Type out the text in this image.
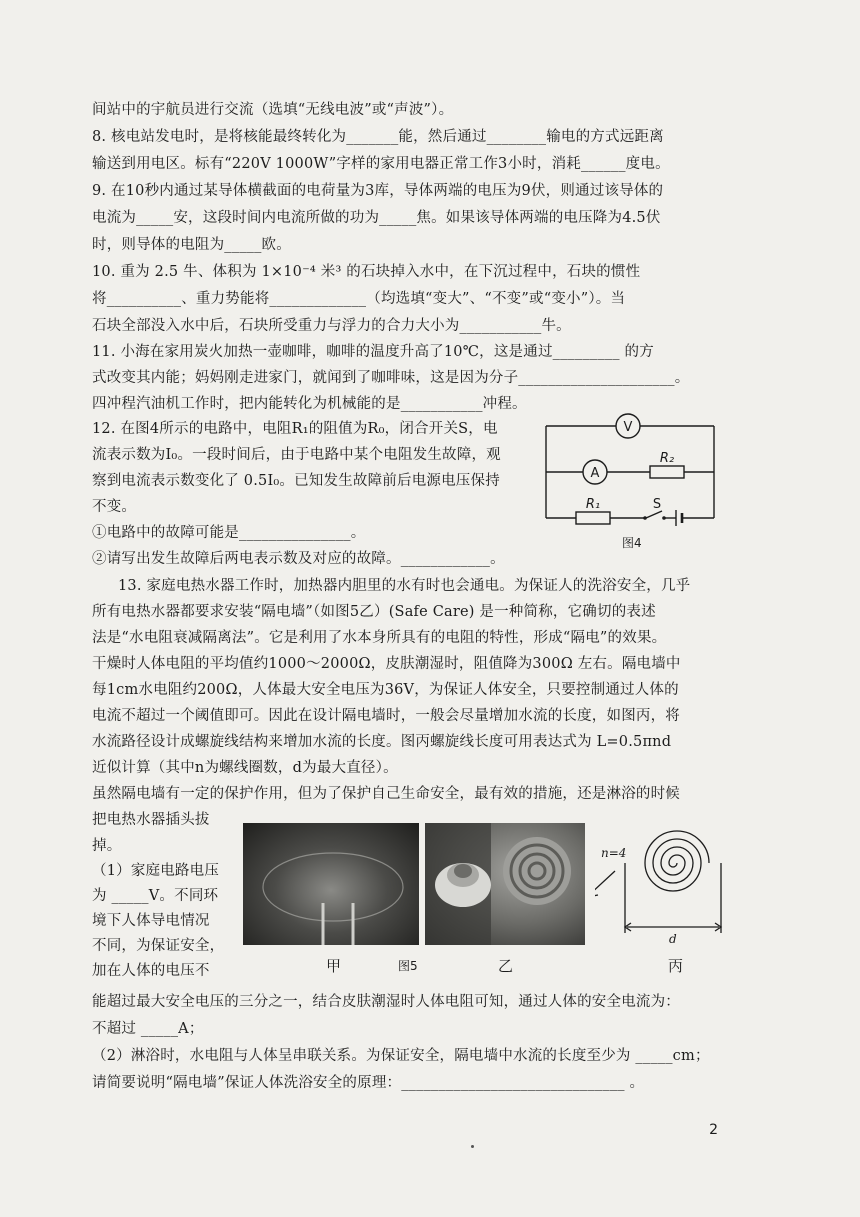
间站中的宇航员进行交流（选填“无线电波”或“声波”）。
8. 核电站发电时，是将核能最终转化为_______能，然后通过________输电的方式远距离
输送到用电区。标有“220V 1000W”字样的家用电器正常工作3小时，消耗______度电。
9. 在10秒内通过某导体横截面的电荷量为3库，导体两端的电压为9伏，则通过该导体的
电流为_____安，这段时间内电流所做的功为_____焦。如果该导体两端的电压降为4.5伏
时，则导体的电阻为_____欧。
10. 重为 2.5 牛、体积为 1×10⁻⁴ 米³ 的石块掉入水中，在下沉过程中，石块的惯性
将__________、重力势能将_____________（均选填“变大”、“不变”或“变小”）。当
石块全部没入水中后，石块所受重力与浮力的合力大小为___________牛。
11. 小海在家用炭火加热一壶咖啡，咖啡的温度升高了10℃，这是通过_________ 的方
式改变其内能；妈妈刚走进家门，就闻到了咖啡味，这是因为分子_____________________。
四冲程汽油机工作时，把内能转化为机械能的是___________冲程。
12. 在图4所示的电路中，电阻R₁的阻值为R₀，闭合开关S，电
流表示数为I₀。一段时间后，由于电路中某个电阻发生故障，观
察到电流表示数变化了 0.5I₀。已知发生故障前后电源电压保持
不变。
①电路中的故障可能是_______________。
②请写出发生故障后两电表示数及对应的故障。____________。
13. 家庭电热水器工作时，加热器内胆里的水有时也会通电。为保证人的洗浴安全，几乎
所有电热水器都要求安装“隔电墙”（如图5乙）(Safe Care) 是一种简称，它确切的表述
法是“水电阻衰减隔离法”。它是利用了水本身所具有的电阻的特性，形成“隔电”的效果。
干燥时人体电阻的平均值约1000～2000Ω，皮肤潮湿时，阻值降为300Ω 左右。隔电墙中
每1cm水电阻约200Ω，人体最大安全电压为36V，为保证人体安全，只要控制通过人体的
电流不超过一个阈值即可。因此在设计隔电墙时，一般会尽量增加水流的长度，如图丙，将
水流路径设计成螺旋线结构来增加水流的长度。图丙螺旋线长度可用表达式为 L=0.5πnd
近似计算（其中n为螺线圈数，d为最大直径）。
虽然隔电墙有一定的保护作用，但为了保护自己生命安全，最有效的措施，还是淋浴的时候
把电热水器插头拔
掉。
（1）家庭电路电压
为 _____V。不同环
境下人体导电情况
不同，为保证安全，
加在人体的电压不
能超过最大安全电压的三分之一，结合皮肤潮湿时人体电阻可知，通过人体的安全电流为：
不超过 _____A；
（2）淋浴时，水电阻与人体呈串联关系。为保证安全，隔电墙中水流的长度至少为 _____cm；
请简要说明“隔电墙”保证人体洗浴安全的原理：______________________________ 。
V
A
R₂
R₁	S
图4
n=4
d
甲	图5	乙	丙
2
